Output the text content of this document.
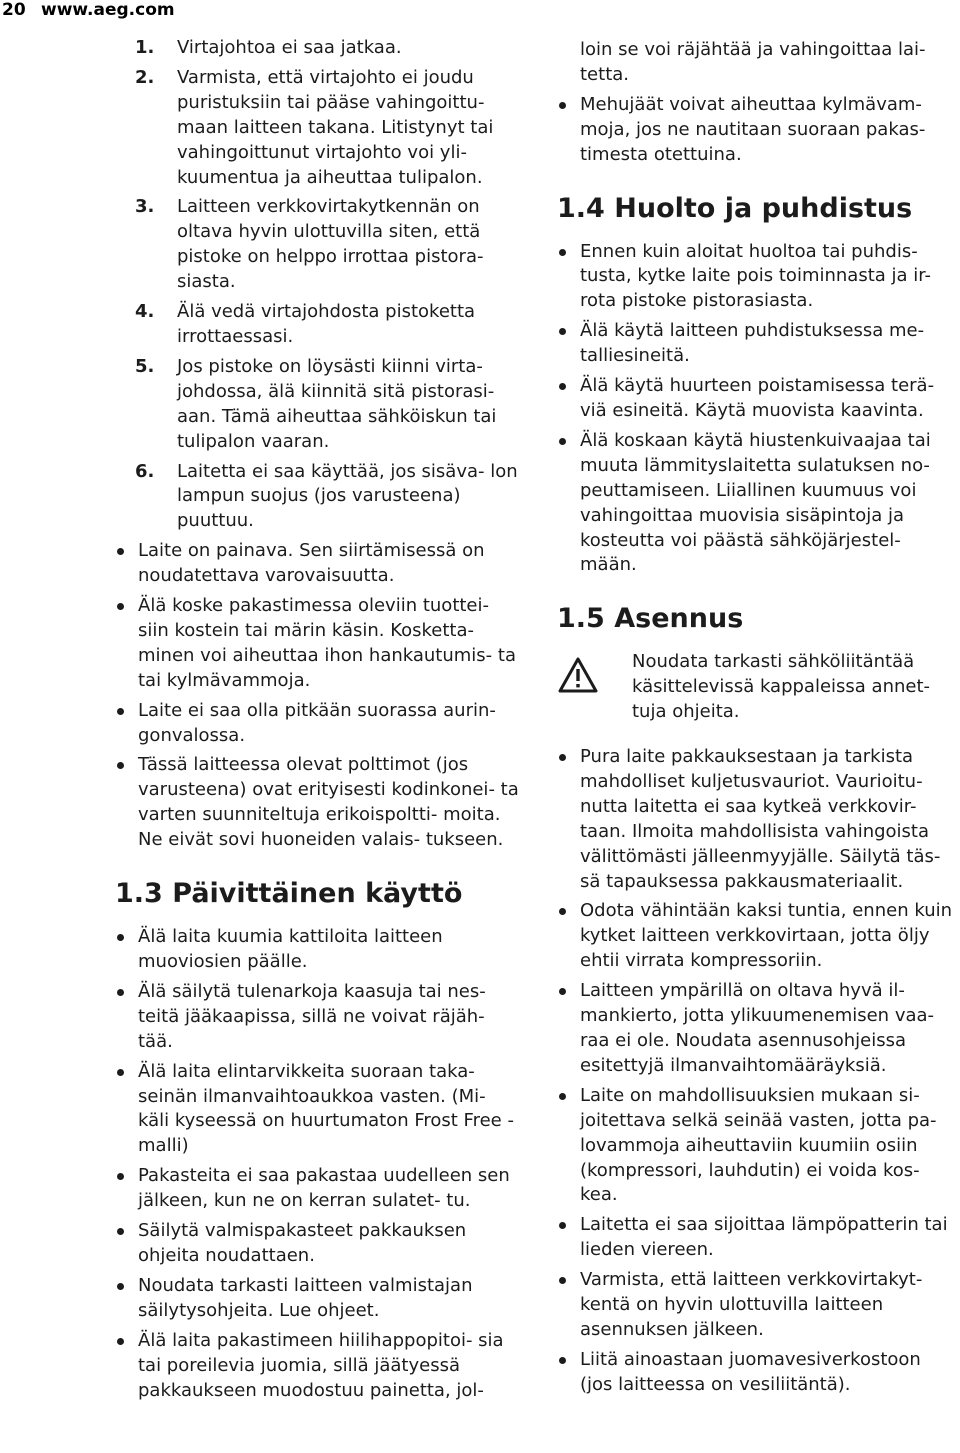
20 www.aeg.com
1. Virtajohtoa ei saa jatkaa.
2. Varmista, että virtajohto ei joudu puristuksiin tai pääse vahingoittu- maan laitteen takana. Litistynyt tai vahingoittunut virtajohto voi yli- kuumentua ja aiheuttaa tulipalon.
3. Laitteen verkkovirtakytkennän on oltava hyvin ulottuvilla siten, että pistoke on helppo irrottaa pistora- siasta.
4. Älä vedä virtajohdosta pistoketta irrottaessasi.
5. Jos pistoke on löysästi kiinni virta- johdossa, älä kiinnitä sitä pistorasi- aan. Tämä aiheuttaa sähköiskun tai tulipalon vaaran.
6. Laitetta ei saa käyttää, jos sisäva- lon lampun suojus (jos varusteena) puuttuu.
Laite on painava. Sen siirtämisessä on noudatettava varovaisuutta.
Älä koske pakastimessa oleviin tuottei- siin kostein tai märin käsin. Kosketta- minen voi aiheuttaa ihon hankautumis- ta tai kylmävammoja.
Laite ei saa olla pitkään suorassa aurin- gonvalossa.
Tässä laitteessa olevat polttimot (jos varusteena) ovat erityisesti kodinkonei- ta varten suunniteltuja erikoispoltti- moita. Ne eivät sovi huoneiden valais- tukseen.
1.3 Päivittäinen käyttö
Älä laita kuumia kattiloita laitteen muoviosien päälle.
Älä säilytä tulenarkoja kaasuja tai nes- teitä jääkaapissa, sillä ne voivat räjäh- tää.
Älä laita elintarvikkeita suoraan taka- seinän ilmanvaihtoaukkoa vasten. (Mi- käli kyseessä on huurtumaton Frost Free -malli)
Pakasteita ei saa pakastaa uudelleen sen jälkeen, kun ne on kerran sulatet- tu.
Säilytä valmispakasteet pakkauksen ohjeita noudattaen.
Noudata tarkasti laitteen valmistajan säilytysohjeita. Lue ohjeet.
Älä laita pakastimeen hiilihappopitoi- sia tai poreilevia juomia, sillä jäätyessä pakkaukseen muodostuu painetta, jol-

loin se voi räjähtää ja vahingoittaa lai- tetta.

Mehujäät voivat aiheuttaa kylmävam- moja, jos ne nautitaan suoraan pakas- timesta otettuina.
1.4 Huolto ja puhdistus
Ennen kuin aloitat huoltoa tai puhdis- tusta, kytke laite pois toiminnasta ja ir- rota pistoke pistorasiasta.
Älä käytä laitteen puhdistuksessa me- talliesineitä.
Älä käytä huurteen poistamisessa terä- viä esineitä. Käytä muovista kaavinta.
Älä koskaan käytä hiustenkuivaajaa tai muuta lämmityslaitetta sulatuksen no- peuttamiseen. Liiallinen kuumuus voi vahingoittaa muovisia sisäpintoja ja kosteutta voi päästä sähköjärjestel- mään.
1.5 Asennus
Noudata tarkasti sähköliitäntää käsittelevissä kappaleissa annet- tuja ohjeita.
Pura laite pakkauksestaan ja tarkista mahdolliset kuljetusvauriot. Vaurioitu- nutta laitetta ei saa kytkeä verkkovir- taan. Ilmoita mahdollisista vahingoista välittömästi jälleenmyyjälle. Säilytä täs- sä tapauksessa pakkausmateriaalit.
Odota vähintään kaksi tuntia, ennen kuin kytket laitteen verkkovirtaan, jotta öljy ehtii virrata kompressoriin.
Laitteen ympärillä on oltava hyvä il- mankierto, jotta ylikuumenemisen vaa- raa ei ole. Noudata asennusohjeissa esitettyjä ilmanvaihtomääräyksiä.
Laite on mahdollisuuksien mukaan si- joitettava selkä seinää vasten, jotta pa- lovammoja aiheuttaviin kuumiin osiin (kompressori, lauhdutin) ei voida kos- kea.
Laitetta ei saa sijoittaa lämpöpatterin tai lieden viereen.
Varmista, että laitteen verkkovirtakyt- kentä on hyvin ulottuvilla laitteen asennuksen jälkeen.
Liitä ainoastaan juomavesiverkostoon (jos laitteessa on vesiliitäntä).
